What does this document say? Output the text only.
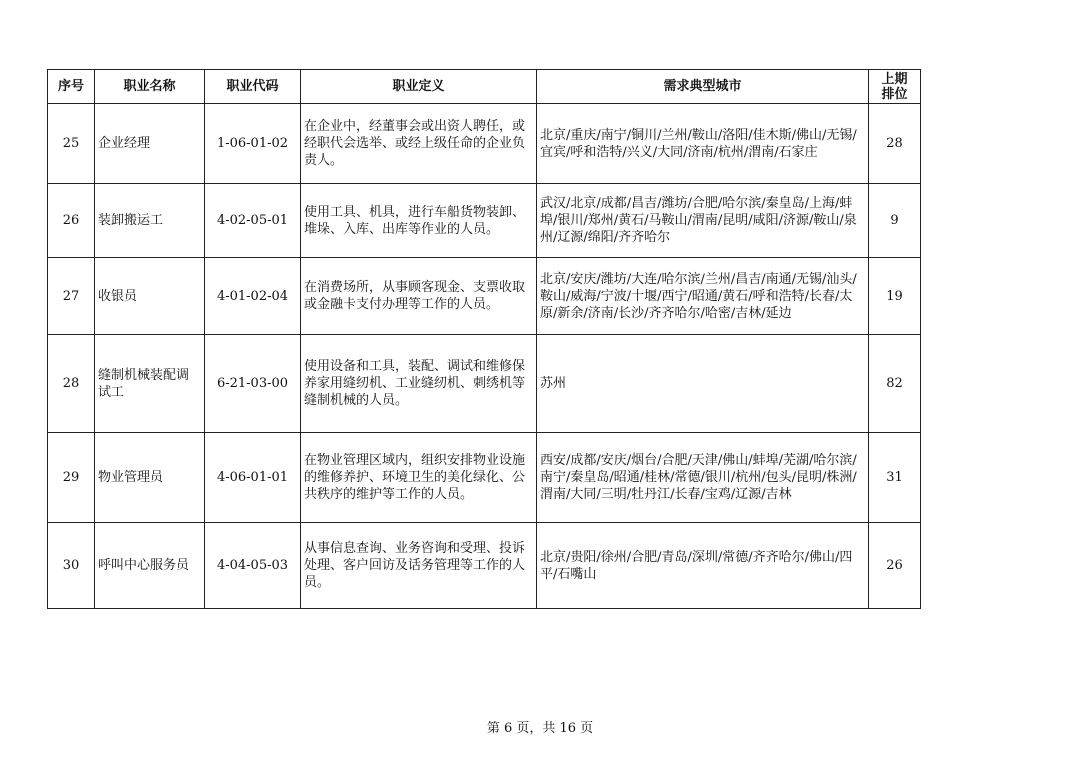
序号	职业名称	职业代码	职业定义	需求典型城市	上期排位
25	企业经理	1-06-01-02	在企业中，经董事会或出资人聘任，或经职代会选举、或经上级任命的企业负责人。	北京/重庆/南宁/铜川/兰州/鞍山/洛阳/佳木斯/佛山/无锡/宜宾/呼和浩特/兴义/大同/济南/杭州/渭南/石家庄	28
26	装卸搬运工	4-02-05-01	使用工具、机具，进行车船货物装卸、堆垛、入库、出库等作业的人员。	武汉/北京/成都/昌吉/潍坊/合肥/哈尔滨/秦皇岛/上海/蚌埠/银川/郑州/黄石/马鞍山/渭南/昆明/咸阳/济源/鞍山/泉州/辽源/绵阳/齐齐哈尔	9
27	收银员	4-01-02-04	在消费场所，从事顾客现金、支票收取或金融卡支付办理等工作的人员。	北京/安庆/潍坊/大连/哈尔滨/兰州/昌吉/南通/无锡/汕头/鞍山/威海/宁波/十堰/西宁/昭通/黄石/呼和浩特/长春/太原/新余/济南/长沙/齐齐哈尔/哈密/吉林/延边	19
28	缝制机械装配调试工	6-21-03-00	使用设备和工具，装配、调试和维修保养家用缝纫机、工业缝纫机、刺绣机等缝制机械的人员。	苏州	82
29	物业管理员	4-06-01-01	在物业管理区域内，组织安排物业设施的维修养护、环境卫生的美化绿化、公共秩序的维护等工作的人员。	西安/成都/安庆/烟台/合肥/天津/佛山/蚌埠/芜湖/哈尔滨/南宁/秦皇岛/昭通/桂林/常德/银川/杭州/包头/昆明/株洲/渭南/大同/三明/牡丹江/长春/宝鸡/辽源/吉林	31
30	呼叫中心服务员	4-04-05-03	从事信息查询、业务咨询和受理、投诉处理、客户回访及话务管理等工作的人员。	北京/贵阳/徐州/合肥/青岛/深圳/常德/齐齐哈尔/佛山/四平/石嘴山	26
第 6 页，共 16 页
